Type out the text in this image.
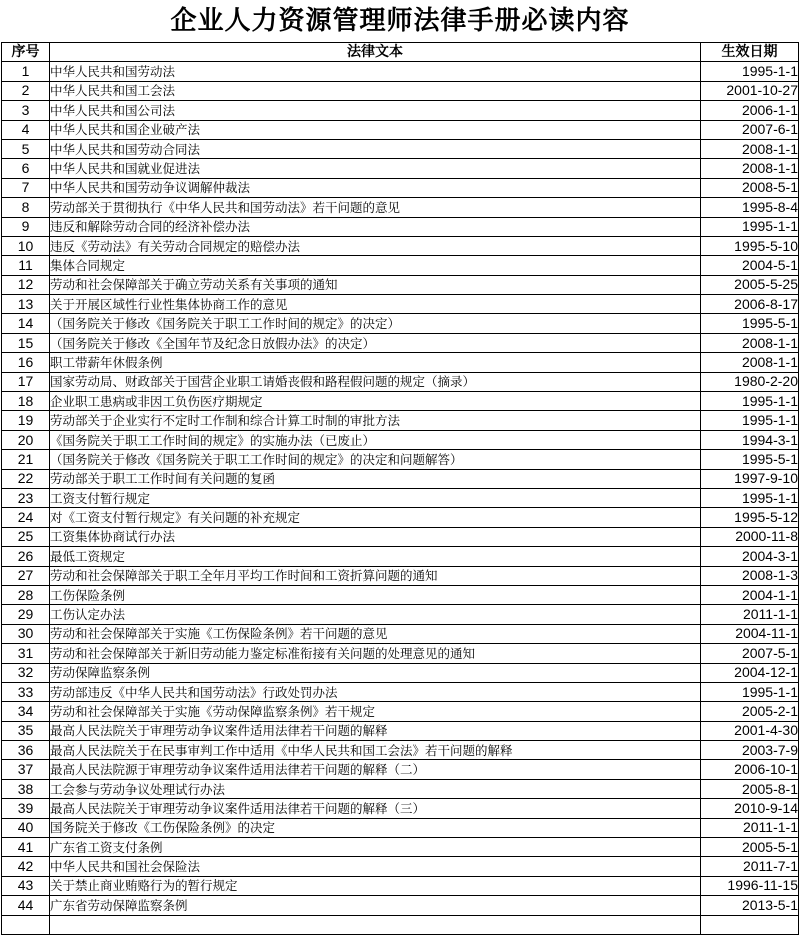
企业人力资源管理师法律手册必读内容
序号	法律文本	生效日期
1	中华人民共和国劳动法	1995-1-1
2	中华人民共和国工会法	2001-10-27
3	中华人民共和国公司法	2006-1-1
4	中华人民共和国企业破产法	2007-6-1
5	中华人民共和国劳动合同法	2008-1-1
6	中华人民共和国就业促进法	2008-1-1
7	中华人民共和国劳动争议调解仲裁法	2008-5-1
8	劳动部关于贯彻执行《中华人民共和国劳动法》若干问题的意见	1995-8-4
9	违反和解除劳动合同的经济补偿办法	1995-1-1
10	违反《劳动法》有关劳动合同规定的赔偿办法	1995-5-10
11	集体合同规定	2004-5-1
12	劳动和社会保障部关于确立劳动关系有关事项的通知	2005-5-25
13	关于开展区域性行业性集体协商工作的意见	2006-8-17
14	（国务院关于修改《国务院关于职工工作时间的规定》的决定）	1995-5-1
15	（国务院关于修改《全国年节及纪念日放假办法》的决定）	2008-1-1
16	职工带薪年休假条例	2008-1-1
17	国家劳动局、财政部关于国营企业职工请婚丧假和路程假问题的规定（摘录）	1980-2-20
18	企业职工患病或非因工负伤医疗期规定	1995-1-1
19	劳动部关于企业实行不定时工作制和综合计算工时制的审批方法	1995-1-1
20	《国务院关于职工工作时间的规定》的实施办法（已废止）	1994-3-1
21	（国务院关于修改《国务院关于职工工作时间的规定》的决定和问题解答）	1995-5-1
22	劳动部关于职工工作时间有关问题的复函	1997-9-10
23	工资支付暂行规定	1995-1-1
24	对《工资支付暂行规定》有关问题的补充规定	1995-5-12
25	工资集体协商试行办法	2000-11-8
26	最低工资规定	2004-3-1
27	劳动和社会保障部关于职工全年月平均工作时间和工资折算问题的通知	2008-1-3
28	工伤保险条例	2004-1-1
29	工伤认定办法	2011-1-1
30	劳动和社会保障部关于实施《工伤保险条例》若干问题的意见	2004-11-1
31	劳动和社会保障部关于新旧劳动能力鉴定标准衔接有关问题的处理意见的通知	2007-5-1
32	劳动保障监察条例	2004-12-1
33	劳动部违反《中华人民共和国劳动法》行政处罚办法	1995-1-1
34	劳动和社会保障部关于实施《劳动保障监察条例》若干规定	2005-2-1
35	最高人民法院关于审理劳动争议案件适用法律若干问题的解释	2001-4-30
36	最高人民法院关于在民事审判工作中适用《中华人民共和国工会法》若干问题的解释	2003-7-9
37	最高人民法院源于审理劳动争议案件适用法律若干问题的解释（二）	2006-10-1
38	工会参与劳动争议处理试行办法	2005-8-1
39	最高人民法院关于审理劳动争议案件适用法律若干问题的解释（三）	2010-9-14
40	国务院关于修改《工伤保险条例》的决定	2011-1-1
41	广东省工资支付条例	2005-5-1
42	中华人民共和国社会保险法	2011-7-1
43	关于禁止商业贿赂行为的暂行规定	1996-11-15
44	广东省劳动保障监察条例	2013-5-1
